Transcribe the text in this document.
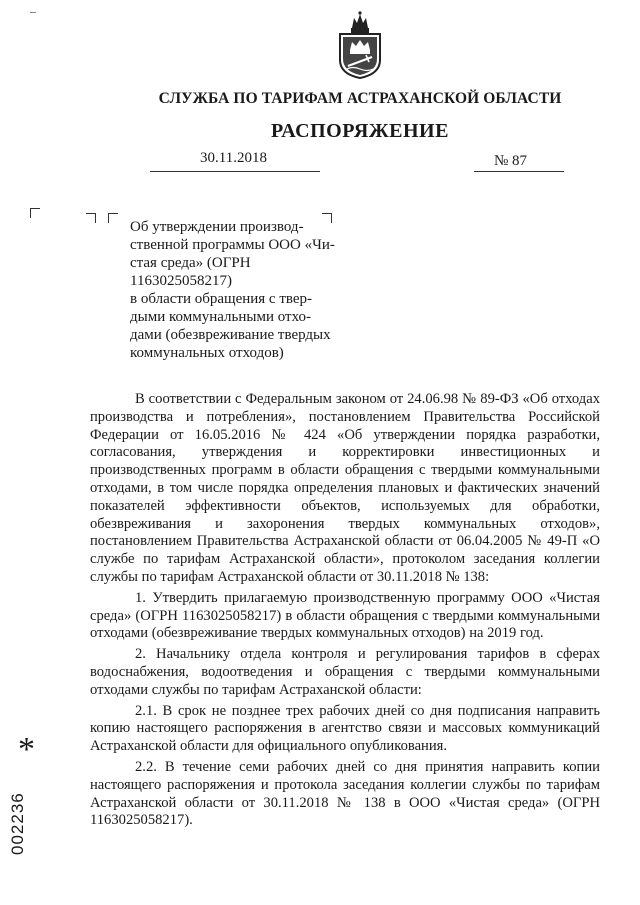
СЛУЖБА ПО ТАРИФАМ АСТРАХАНСКОЙ ОБЛАСТИ
РАСПОРЯЖЕНИЕ
30.11.2018	№ 87
Об утверждении производ-
ственной программы ООО «Чи-
стая среда» (ОГРН
1163025058217)
в области обращения с твер-
дыми коммунальными отхо-
дами (обезвреживание твердых
коммунальных отходов)

В соответствии с Федеральным законом от 24.06.98 № 89-ФЗ «Об отходах производства и потребления», постановлением Правительства Российской Федерации от 16.05.2016 № 424 «Об утверждении порядка разработки, согласования, утверждения и корректировки инвестиционных и производственных программ в области обращения с твердыми коммунальными отходами, в том числе порядка определения плановых и фактических значений показателей эффективности объектов, используемых для обработки, обезвреживания и захоронения твердых коммунальных отходов», постановлением Правительства Астраханской области от 06.04.2005 № 49-П «О службе по тарифам Астраханской области», протоколом заседания коллегии службы по тарифам Астраханской области от 30.11.2018 № 138:

1. Утвердить прилагаемую производственную программу ООО «Чистая среда» (ОГРН 1163025058217) в области обращения с твердыми коммунальными отходами (обезвреживание твердых коммунальных отходов) на 2019 год.

2. Начальнику отдела контроля и регулирования тарифов в сферах водоснабжения, водоотведения и обращения с твердыми коммунальными отходами службы по тарифам Астраханской области:

2.1. В срок не позднее трех рабочих дней со дня подписания направить копию настоящего распоряжения в агентство связи и массовых коммуникаций Астраханской области для официального опубликования.

2.2. В течение семи рабочих дней со дня принятия направить копии настоящего распоряжения и протокола заседания коллегии службы по тарифам Астраханской области от 30.11.2018 № 138 в ООО «Чистая среда» (ОГРН 1163025058217).

*
002236
